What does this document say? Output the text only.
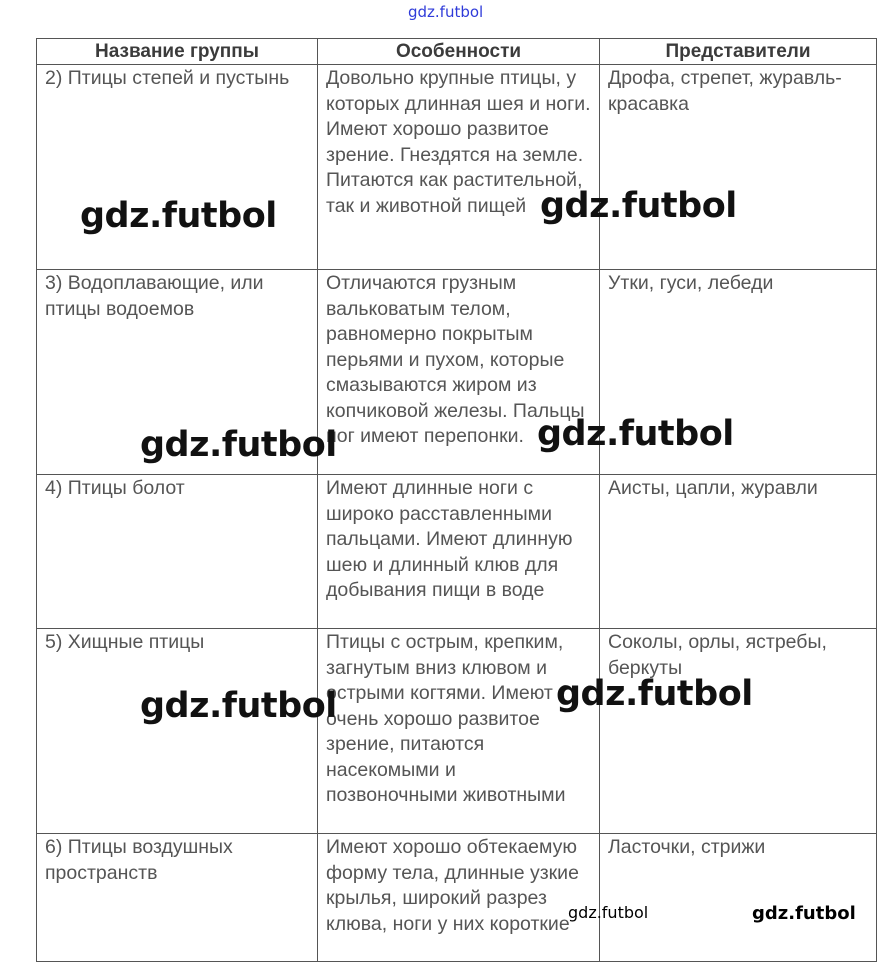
gdz.futbol
Название группы	Особенности	Представители
2) Птицы степей и пустынь	Довольно крупные птицы, у которых длинная шея и ноги. Имеют хорошо развитое зрение. Гнездятся на земле. Питаются как растительной, так и животной пищей	Дрофа, стрепет, журавль-красавка
3) Водоплавающие, или птицы водоемов	Отличаются грузным вальковатым телом, равномерно покрытым перьями и пухом, которые смазываются жиром из копчиковой железы. Пальцы ног имеют перепонки.	Утки, гуси, лебеди
4) Птицы болот	Имеют длинные ноги с широко расставленными пальцами. Имеют длинную шею и длинный клюв для добывания пищи в воде	Аисты, цапли, журавли
5) Хищные птицы	Птицы с острым, крепким, загнутым вниз клювом и острыми когтями. Имеют очень хорошо развитое зрение, питаются насекомыми и позвоночными животными	Соколы, орлы, ястребы, беркуты
6) Птицы воздушных пространств	Имеют хорошо обтекаемую форму тела, длинные узкие крылья, широкий разрез клюва, ноги у них короткие	Ласточки, стрижи
gdz.futbol	gdz.futbol
gdz.futbol	gdz.futbol
gdz.futbol	gdz.futbol
gdz.futbol	gdz.futbol
